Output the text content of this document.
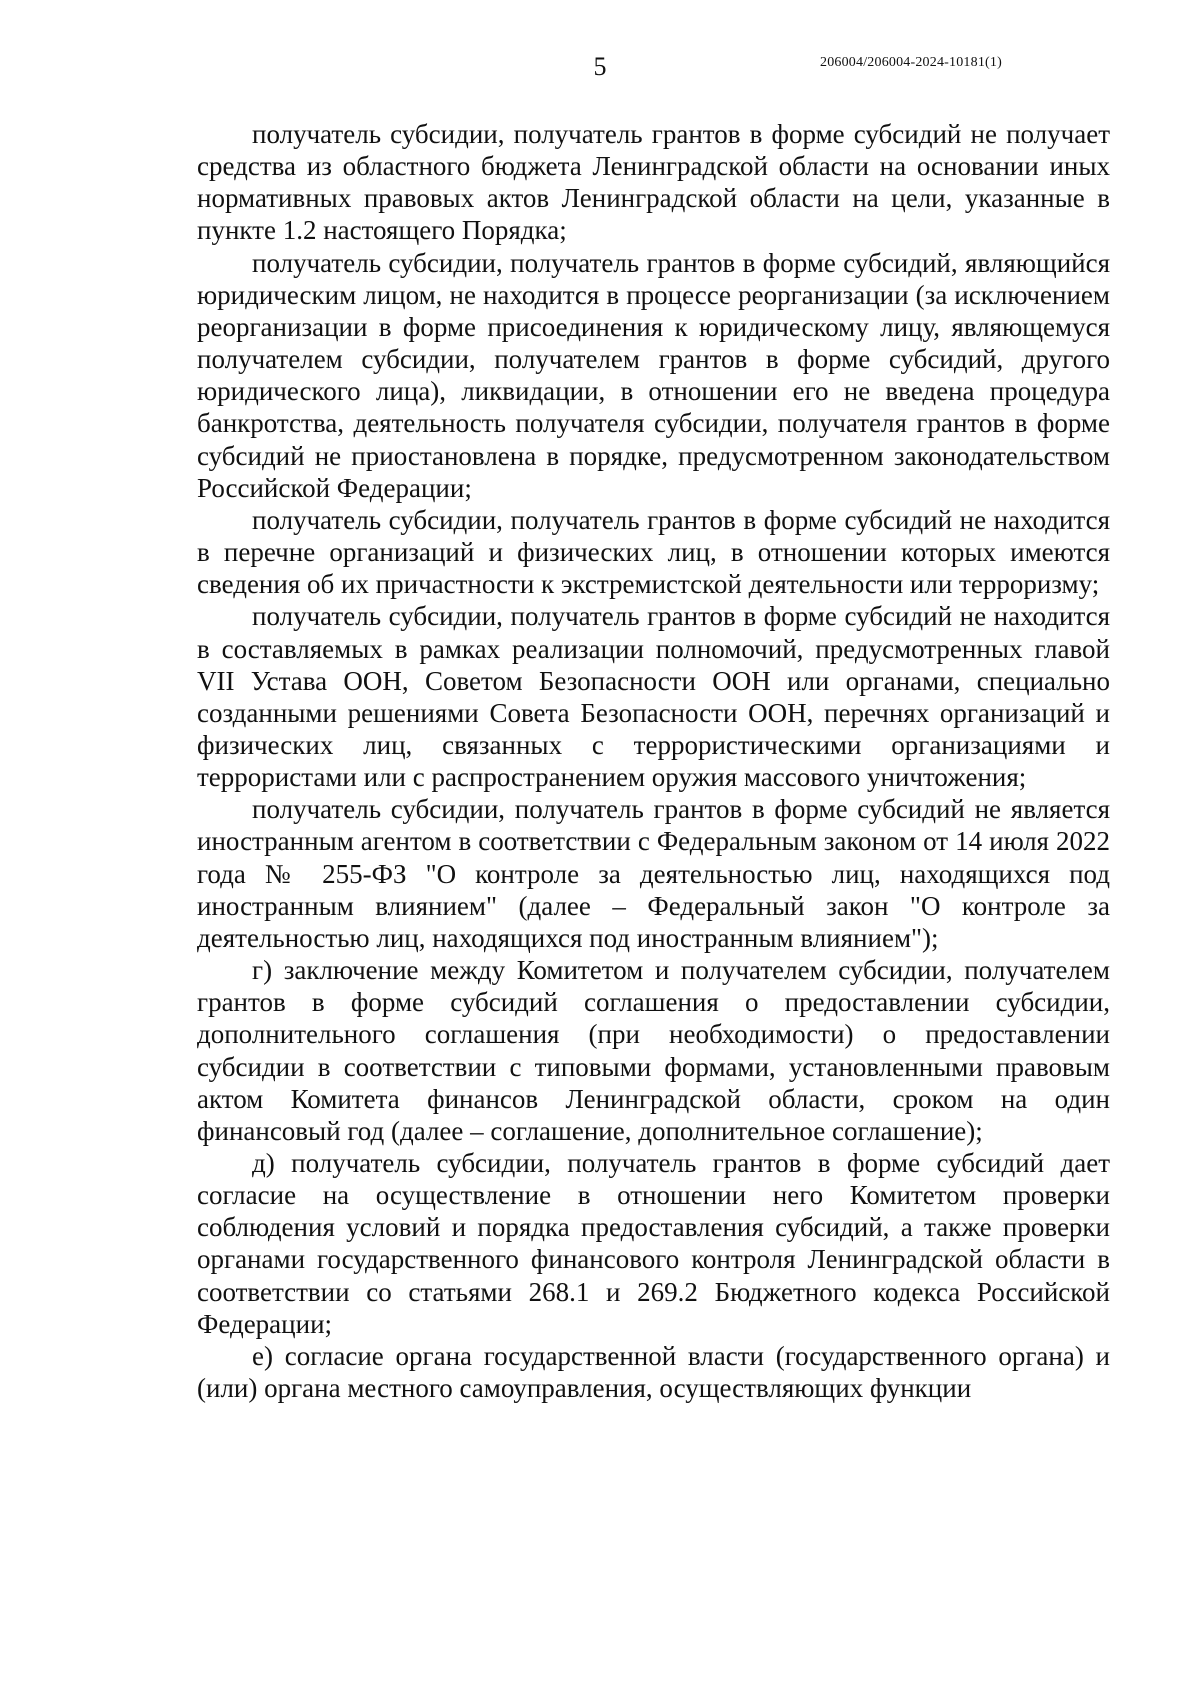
5	206004/206004-2024-10181(1)

получатель субсидии, получатель грантов в форме субсидий не получает средства из областного бюджета Ленинградской области на основании иных нормативных правовых актов Ленинградской области на цели, указанные в пункте 1.2 настоящего Порядка;

получатель субсидии, получатель грантов в форме субсидий, являющийся юридическим лицом, не находится в процессе реорганизации (за исключением реорганизации в форме присоединения к юридическому лицу, являющемуся получателем субсидии, получателем грантов в форме субсидий, другого юридического лица), ликвидации, в отношении его не введена процедура банкротства, деятельность получателя субсидии, получателя грантов в форме субсидий не приостановлена в порядке, предусмотренном законодательством Российской Федерации;

получатель субсидии, получатель грантов в форме субсидий не находится в перечне организаций и физических лиц, в отношении которых имеются сведения об их причастности к экстремистской деятельности или терроризму;

получатель субсидии, получатель грантов в форме субсидий не находится в составляемых в рамках реализации полномочий, предусмотренных главой VII Устава ООН, Советом Безопасности ООН или органами, специально созданными решениями Совета Безопасности ООН, перечнях организаций и физических лиц, связанных с террористическими организациями и террористами или с распространением оружия массового уничтожения;

получатель субсидии, получатель грантов в форме субсидий не является иностранным агентом в соответствии с Федеральным законом от 14 июля 2022 года № 255-ФЗ "О контроле за деятельностью лиц, находящихся под иностранным влиянием" (далее – Федеральный закон "О контроле за деятельностью лиц, находящихся под иностранным влиянием");

г) заключение между Комитетом и получателем субсидии, получателем грантов в форме субсидий соглашения о предоставлении субсидии, дополнительного соглашения (при необходимости) о предоставлении субсидии в соответствии с типовыми формами, установленными правовым актом Комитета финансов Ленинградской области, сроком на один финансовый год (далее – соглашение, дополнительное соглашение);

д) получатель субсидии, получатель грантов в форме субсидий дает согласие на осуществление в отношении него Комитетом проверки соблюдения условий и порядка предоставления субсидий, а также проверки органами государственного финансового контроля Ленинградской области в соответствии со статьями 268.1 и 269.2 Бюджетного кодекса Российской Федерации;

е) согласие органа государственной власти (государственного органа) и (или) органа местного самоуправления, осуществляющих функции
